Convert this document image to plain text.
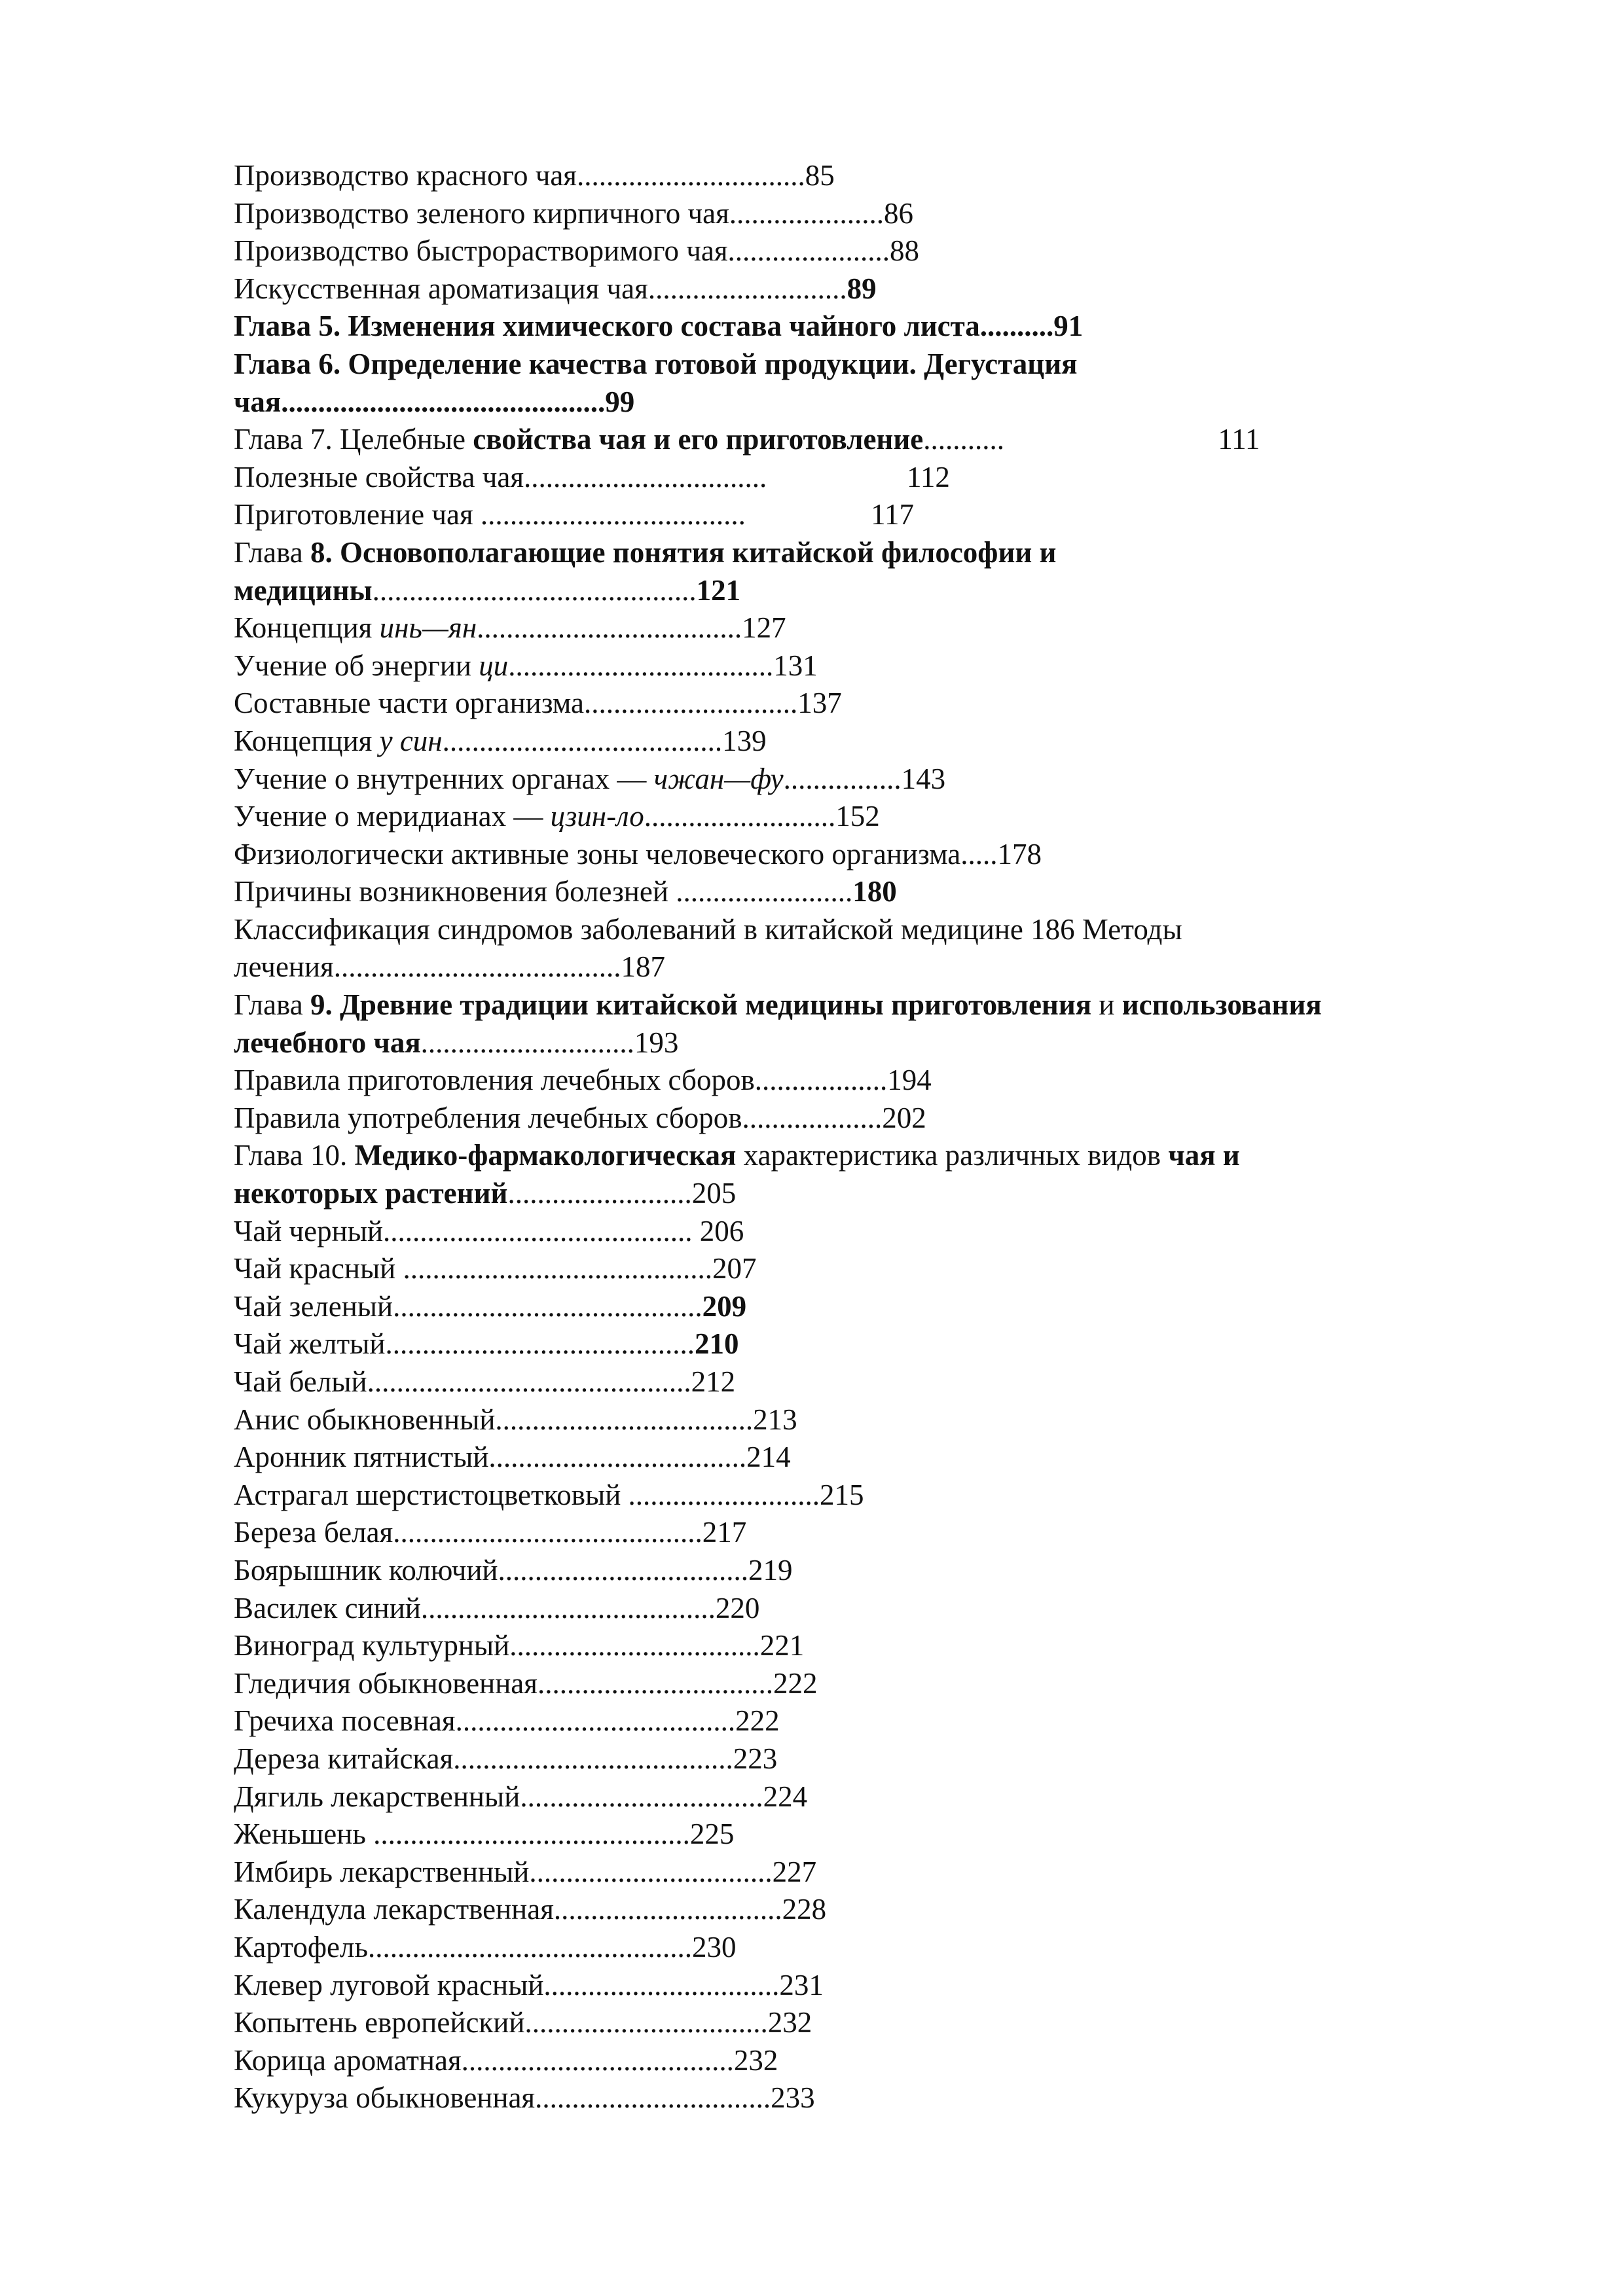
Производство красного чая...............................85
Производство зеленого кирпичного чая.....................86
Производство быстрорастворимого чая......................88
Искусственная ароматизация чая...........................89
Глава 5. Изменения химического состава чайного листа..........91
Глава 6. Определение качества готовой продукции. Дегустация
чая............................................99
Глава 7. Целебные свойства чая и его приготовление...........                             111
Полезные свойства чая.................................                   112
Приготовление чая ....................................                 117
Глава 8. Основополагающие понятия китайской философии и
медицины............................................121
Концепция инь—ян....................................127
Учение об энергии ци....................................131
Составные части организма.............................137
Концепция у син......................................139
Учение о внутренних органах — чжан—фу................143
Учение о меридианах — цзин-ло..........................152
Физиологически активные зоны человеческого организма.....178
Причины возникновения болезней ........................180
Классификация синдромов заболеваний в китайской медицине 186 Методы
лечения.......................................187
Глава 9. Древние традиции китайской медицины приготовления и использования
лечебного чая.............................193
Правила приготовления лечебных сборов..................194
Правила употребления лечебных сборов...................202
Глава 10. Медико-фармакологическая характеристика различных видов чая и
некоторых растений.........................205
Чай черный.......................................... 206
Чай красный ..........................................207
Чай зеленый..........................................209
Чай желтый..........................................210
Чай белый............................................212
Анис обыкновенный...................................213
Аронник пятнистый...................................214
Астрагал шерстистоцветковый ..........................215
Береза белая..........................................217
Боярышник колючий..................................219
Василек синий........................................220
Виноград культурный..................................221
Гледичия обыкновенная................................222
Гречиха посевная......................................222
Дереза китайская......................................223
Дягиль лекарственный.................................224
Женьшень ...........................................225
Имбирь лекарственный.................................227
Календула лекарственная...............................228
Картофель............................................230
Клевер луговой красный................................231
Копытень европейский.................................232
Корица ароматная.....................................232
Кукуруза обыкновенная................................233
